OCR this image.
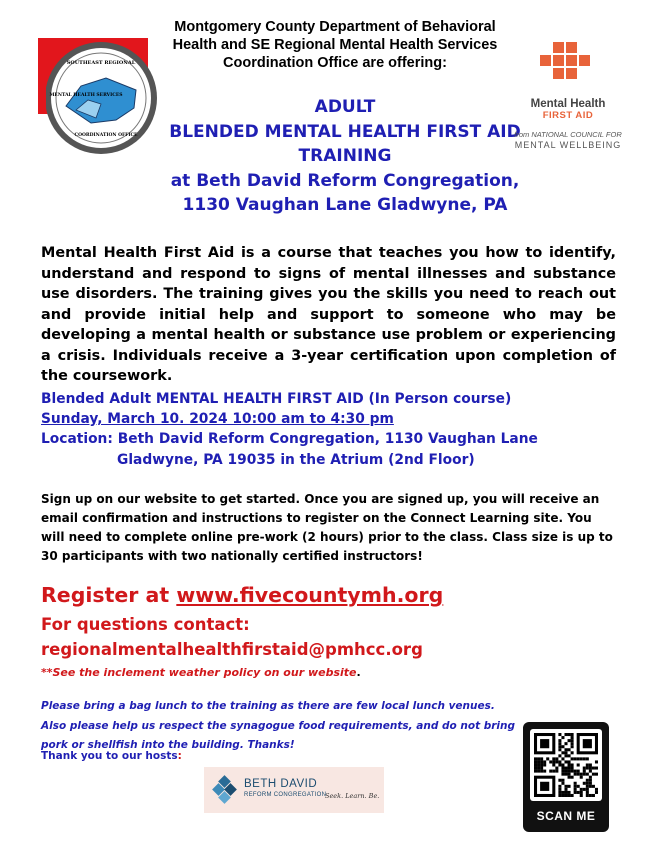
SOUTHEAST REGIONAL
MENTAL HEALTH SERVICES
COORDINATION OFFICE
Montgomery County Department of Behavioral
Health and SE Regional Mental Health Services
Coordination Office are offering:
ADULT
BLENDED MENTAL HEALTH FIRST AID
TRAINING
at Beth David Reform Congregation,
1130 Vaughan Lane Gladwyne, PA
Mental Health
FIRST AID
from NATIONAL COUNCIL FOR
MENTAL WELLBEING
Mental Health First Aid is a course that teaches you how to identify, understand and respond to signs of mental illnesses and substance use disorders. The training gives you the skills you need to reach out and provide initial help and support to someone who may be developing a mental health or substance use problem or experiencing a crisis. Individuals receive a 3-year certification upon completion of the coursework.
Blended Adult MENTAL HEALTH FIRST AID (In Person course)
Sunday, March 10. 2024 10:00 am to 4:30 pm
Location: Beth David Reform Congregation, 1130 Vaughan Lane
Gladwyne, PA 19035 in the Atrium (2nd Floor)
Sign up on our website to get started. Once you are signed up, you will receive an email confirmation and instructions to register on the Connect Learning site. You will need to complete online pre-work (2 hours) prior to the class. Class size is up to 30 participants with two nationally certified instructors!
Register at www.fivecountymh.org
For questions contact:
regionalmentalhealthfirstaid@pmhcc.org
**See the inclement weather policy on our website.
Please bring a bag lunch to the training as there are few local lunch venues. Also please help us respect the synagogue food requirements, and do not bring pork or shellfish into the building. Thanks!
Thank you to our hosts:
BETH DAVID
REFORM CONGREGATION
Seek. Learn. Be.
SCAN ME
